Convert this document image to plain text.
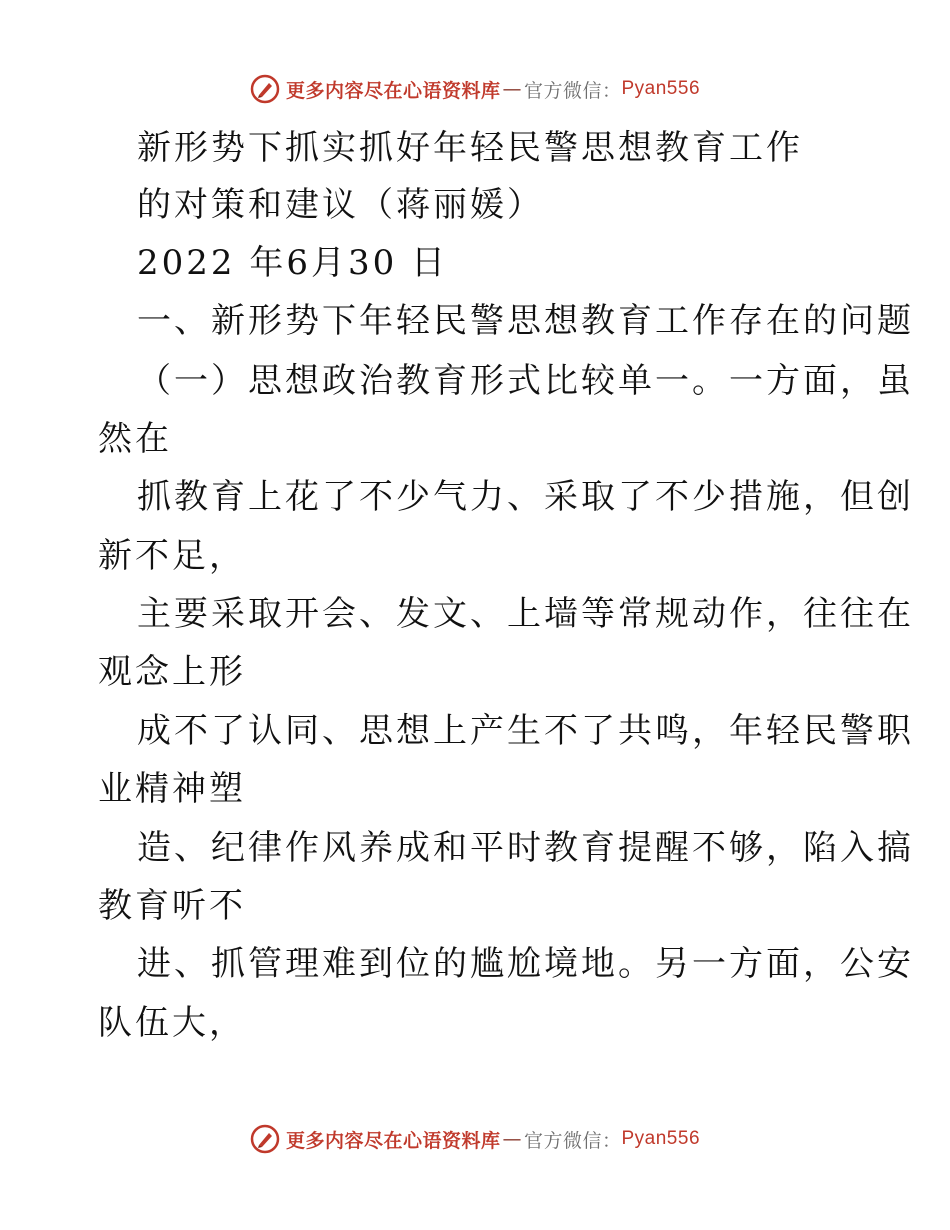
更多内容尽在心语资料库 — 官方微信： Pyan556
新形势下抓实抓好年轻民警思想教育工作
的对策和建议（蒋丽媛）
2022 年6月30 日
一、新形势下年轻民警思想教育工作存在的问题
（一）思想政治教育形式比较单一。一方面，虽
然在
抓教育上花了不少气力、采取了不少措施，但创
新不足，
主要采取开会、发文、上墙等常规动作，往往在
观念上形
成不了认同、思想上产生不了共鸣，年轻民警职
业精神塑
造、纪律作风养成和平时教育提醒不够，陷入搞
教育听不
进、抓管理难到位的尴尬境地。另一方面，公安
队伍大，
更多内容尽在心语资料库 — 官方微信： Pyan556
